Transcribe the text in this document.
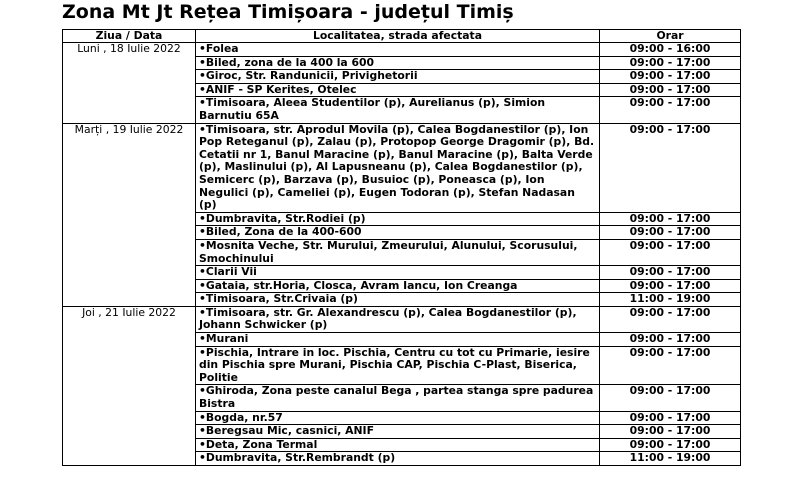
Zona Mt Jt Rețea Timișoara - județul Timiș
Ziua / Data	Localitatea, strada afectata	Orar
Luni , 18 Iulie 2022	•Folea	09:00 - 16:00
	•Biled, zona de la 400 la 600	09:00 - 17:00
	•Giroc, Str. Randunicii, Privighetorii	09:00 - 17:00
	•ANIF - SP Kerites, Otelec	09:00 - 17:00
	•Timisoara, Aleea Studentilor (p), Aurelianus (p), Simion Barnutiu 65A	09:00 - 17:00
Marți , 19 Iulie 2022	•Timisoara, str. Aprodul Movila (p), Calea Bogdanestilor (p), Ion Pop Reteganul (p), Zalau (p), Protopop George Dragomir (p), Bd. Cetatii nr 1, Banul Maracine (p), Banul Maracine (p), Balta Verde (p), Maslinului (p), Al Lapusneanu (p), Calea Bogdanestilor (p), Semicerc (p), Barzava (p), Busuioc (p), Poneasca (p), Ion Negulici (p), Cameliei (p), Eugen Todoran (p), Stefan Nadasan (p)	09:00 - 17:00
	•Dumbravita, Str.Rodiei (p)	09:00 - 17:00
	•Biled, Zona de la 400-600	09:00 - 17:00
	•Mosnita Veche, Str. Murului, Zmeurului, Alunului, Scorusului, Smochinului	09:00 - 17:00
	•Clarii Vii	09:00 - 17:00
	•Gataia, str.Horia, Closca, Avram Iancu, Ion Creanga	09:00 - 17:00
	•Timisoara, Str.Crivaia (p)	11:00 - 19:00
Joi , 21 Iulie 2022	•Timisoara, str. Gr. Alexandrescu (p), Calea Bogdanestilor (p), Johann Schwicker (p)	09:00 - 17:00
	•Murani	09:00 - 17:00
	•Pischia, Intrare in loc. Pischia, Centru cu tot cu Primarie, iesire din Pischia spre Murani, Pischia CAP, Pischia C-Plast, Biserica, Politie	09:00 - 17:00
	•Ghiroda, Zona peste canalul Bega , partea stanga spre padurea Bistra	09:00 - 17:00
	•Bogda, nr.57	09:00 - 17:00
	•Beregsau Mic, casnici, ANIF	09:00 - 17:00
	•Deta, Zona Termal	09:00 - 17:00
	•Dumbravita, Str.Rembrandt (p)	11:00 - 19:00
